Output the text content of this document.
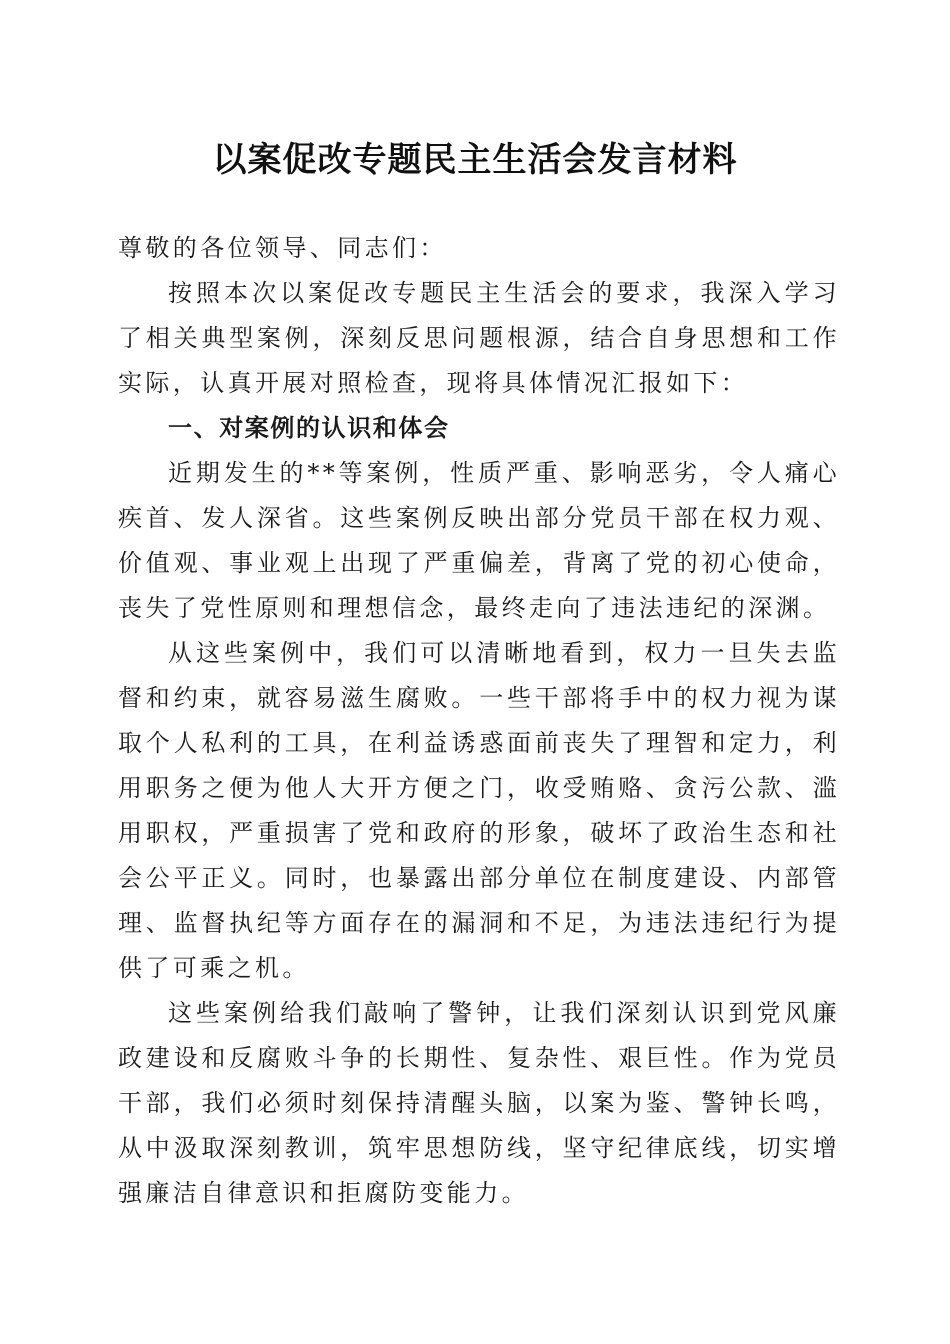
以案促改专题民主生活会发言材料

尊敬的各位领导、同志们：

按照本次以案促改专题民主生活会的要求，我深入学习了相关典型案例，深刻反思问题根源，结合自身思想和工作实际，认真开展对照检查，现将具体情况汇报如下：

一、对案例的认识和体会

近期发生的**等案例，性质严重、影响恶劣，令人痛心疾首、发人深省。这些案例反映出部分党员干部在权力观、价值观、事业观上出现了严重偏差，背离了党的初心使命，丧失了党性原则和理想信念，最终走向了违法违纪的深渊。

从这些案例中，我们可以清晰地看到，权力一旦失去监督和约束，就容易滋生腐败。一些干部将手中的权力视为谋取个人私利的工具，在利益诱惑面前丧失了理智和定力，利用职务之便为他人大开方便之门，收受贿赂、贪污公款、滥用职权，严重损害了党和政府的形象，破坏了政治生态和社会公平正义。同时，也暴露出部分单位在制度建设、内部管理、监督执纪等方面存在的漏洞和不足，为违法违纪行为提供了可乘之机。

这些案例给我们敲响了警钟，让我们深刻认识到党风廉政建设和反腐败斗争的长期性、复杂性、艰巨性。作为党员干部，我们必须时刻保持清醒头脑，以案为鉴、警钟长鸣，从中汲取深刻教训，筑牢思想防线，坚守纪律底线，切实增强廉洁自律意识和拒腐防变能力。
